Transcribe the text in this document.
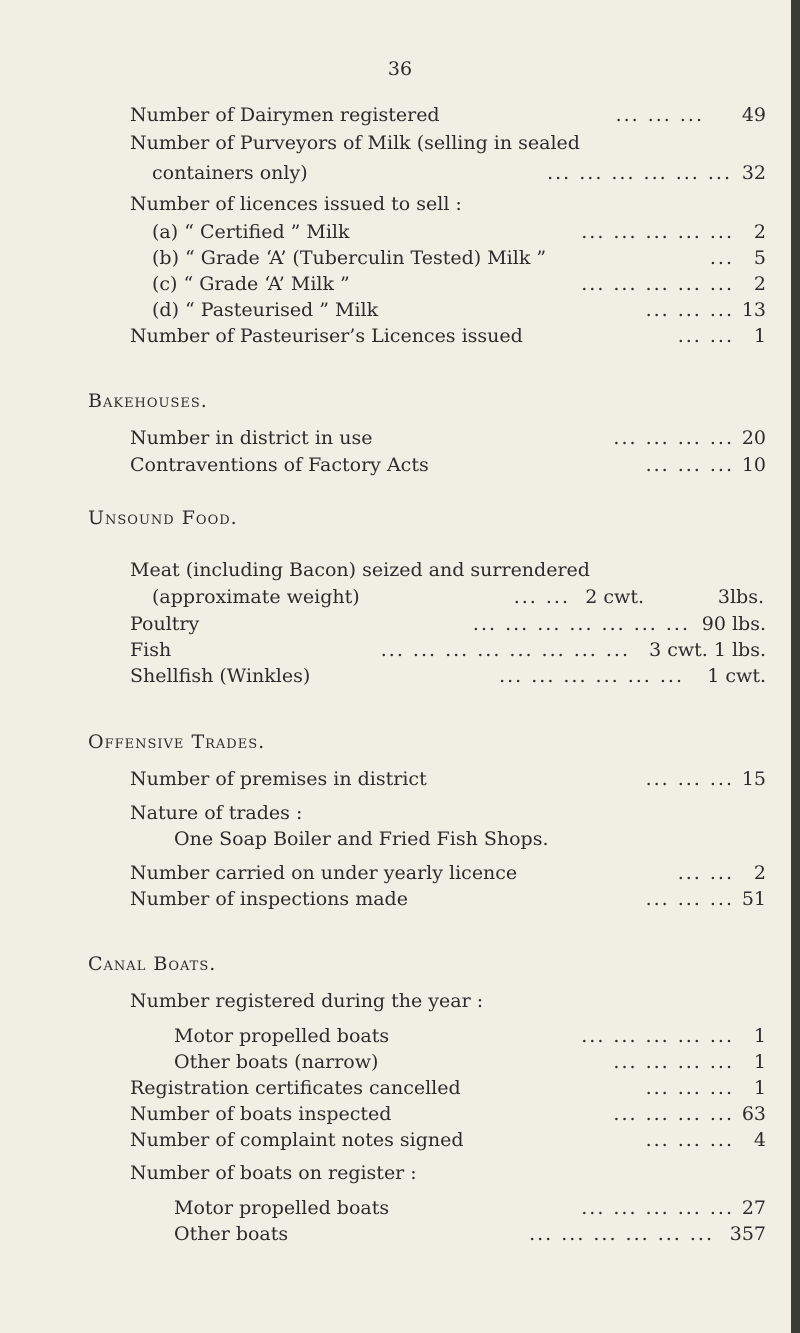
36
Number of Dairymen registered	... ... ... 49
Number of Purveyors of Milk (selling in sealed
containers only)	... ... ... ... ... ... 32
Number of licences issued to sell :
(a) “ Certified ” Milk	... ... ... ... ... 2
(b) “ Grade ‘A’ (Tuberculin Tested) Milk ”	... 5
(c) “ Grade ‘A’ Milk ”	... ... ... ... ... 2
(d) “ Pasteurised ” Milk	... ... ... 13
Number of Pasteuriser’s Licences issued	... ... 1
Bakehouses.
Number in district in use	... ... ... ... 20
Contraventions of Factory Acts	... ... ... 10
Unsound Food.
Meat (including Bacon) seized and surrendered
(approximate weight)	... ... 2 cwt.	3lbs.
Poultry	... ... ... ... ... ... ... 90 lbs.
Fish	... ... ... ... ... ... ... ... 3 cwt. 1 lbs.
Shellfish (Winkles)	... ... ... ... ... ... 1 cwt.
Offensive Trades.
Number of premises in district	... ... ... 15
Nature of trades :
One Soap Boiler and Fried Fish Shops.
Number carried on under yearly licence	... ... 2
Number of inspections made	... ... ... 51
Canal Boats.
Number registered during the year :
Motor propelled boats	... ... ... ... ... 1
Other boats (narrow)	... ... ... ... 1
Registration certificates cancelled	... ... ... 1
Number of boats inspected	... ... ... ... 63
Number of complaint notes signed	... ... ... 4
Number of boats on register :
Motor propelled boats	... ... ... ... ... 27
Other boats	... ... ... ... ... ... 357
